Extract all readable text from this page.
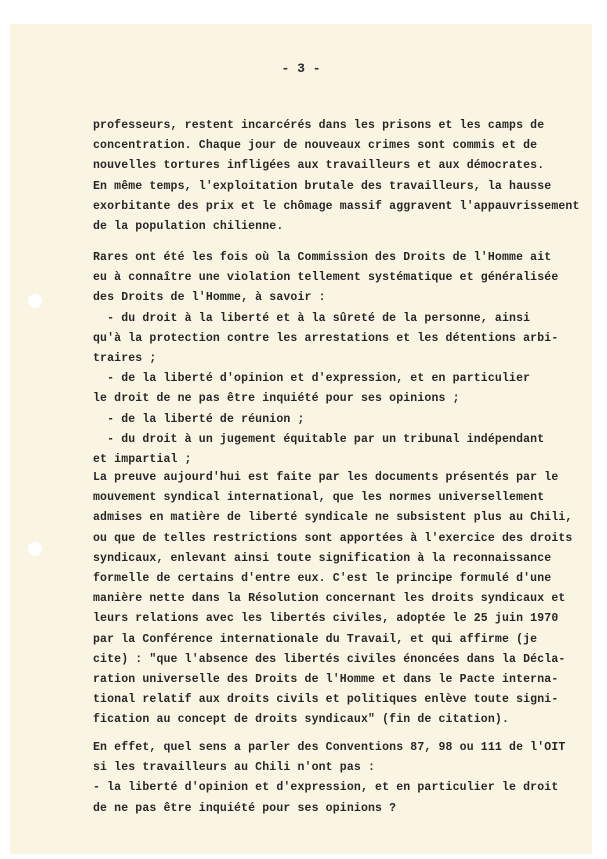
- 3 -

professeurs, restent incarcérés dans les prisons et les camps de
concentration. Chaque jour de nouveaux crimes sont commis et de
nouvelles tortures infligées aux travailleurs et aux démocrates.
En même temps, l'exploitation brutale des travailleurs, la hausse
exorbitante des prix et le chômage massif aggravent l'appauvrissement
de la population chilienne.

Rares ont été les fois où la Commission des Droits de l'Homme ait
eu à connaître une violation tellement systématique et généralisée
des Droits de l'Homme, à savoir :
- du droit à la liberté et à la sûreté de la personne, ainsi
qu'à la protection contre les arrestations et les détentions arbi-
traires ;
- de la liberté d'opinion et d'expression, et en particulier
le droit de ne pas être inquiété pour ses opinions ;
- de la liberté de réunion ;
- du droit à un jugement équitable par un tribunal indépendant
et impartial ;

La preuve aujourd'hui est faite par les documents présentés par le
mouvement syndical international, que les normes universellement
admises en matière de liberté syndicale ne subsistent plus au Chili,
ou que de telles restrictions sont apportées à l'exercice des droits
syndicaux, enlevant ainsi toute signification à la reconnaissance
formelle de certains d'entre eux. C'est le principe formulé d'une
manière nette dans la Résolution concernant les droits syndicaux et
leurs relations avec les libertés civiles, adoptée le 25 juin 1970
par la Conférence internationale du Travail, et qui affirme (je
cite) : "que l'absence des libertés civiles énoncées dans la Décla-
ration universelle des Droits de l'Homme et dans le Pacte interna-
tional relatif aux droits civils et politiques enlève toute signi-
fication au concept de droits syndicaux" (fin de citation).

En effet, quel sens a parler des Conventions 87, 98 ou 111 de l'OIT
si les travailleurs au Chili n'ont pas :
- la liberté d'opinion et d'expression, et en particulier le droit
de ne pas être inquiété pour ses opinions ?
